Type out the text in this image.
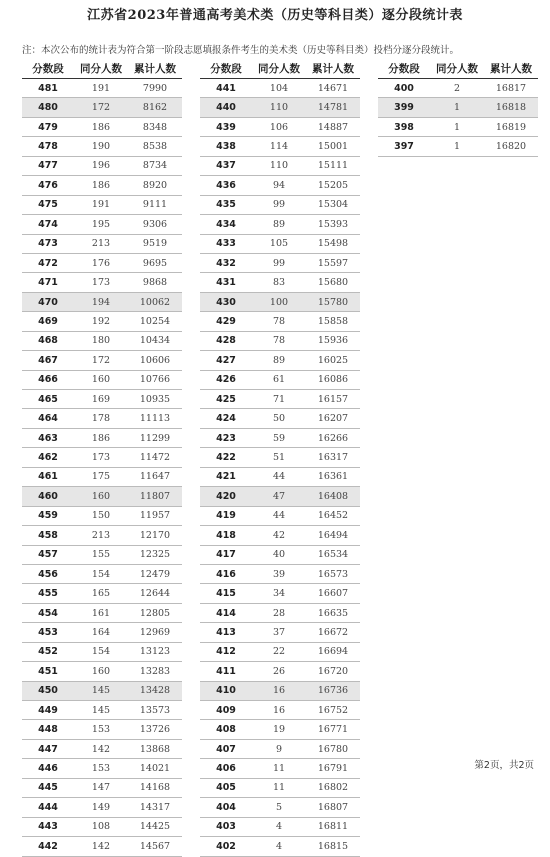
江苏省2023年普通高考美术类（历史等科目类）逐分段统计表
注：本次公布的统计表为符合第一阶段志愿填报条件考生的美术类（历史等科目类）投档分逐分段统计。
分数段	同分人数	累计人数
481	191	7990
480	172	8162
479	186	8348
478	190	8538
477	196	8734
476	186	8920
475	191	9111
474	195	9306
473	213	9519
472	176	9695
471	173	9868
470	194	10062
469	192	10254
468	180	10434
467	172	10606
466	160	10766
465	169	10935
464	178	11113
463	186	11299
462	173	11472
461	175	11647
460	160	11807
459	150	11957
458	213	12170
457	155	12325
456	154	12479
455	165	12644
454	161	12805
453	164	12969
452	154	13123
451	160	13283
450	145	13428
449	145	13573
448	153	13726
447	142	13868
446	153	14021
445	147	14168
444	149	14317
443	108	14425
442	142	14567
分数段	同分人数	累计人数
441	104	14671
440	110	14781
439	106	14887
438	114	15001
437	110	15111
436	94	15205
435	99	15304
434	89	15393
433	105	15498
432	99	15597
431	83	15680
430	100	15780
429	78	15858
428	78	15936
427	89	16025
426	61	16086
425	71	16157
424	50	16207
423	59	16266
422	51	16317
421	44	16361
420	47	16408
419	44	16452
418	42	16494
417	40	16534
416	39	16573
415	34	16607
414	28	16635
413	37	16672
412	22	16694
411	26	16720
410	16	16736
409	16	16752
408	19	16771
407	9	16780
406	11	16791
405	11	16802
404	5	16807
403	4	16811
402	4	16815
分数段	同分人数	累计人数
400	2	16817
399	1	16818
398	1	16819
397	1	16820
第2页，共2页
